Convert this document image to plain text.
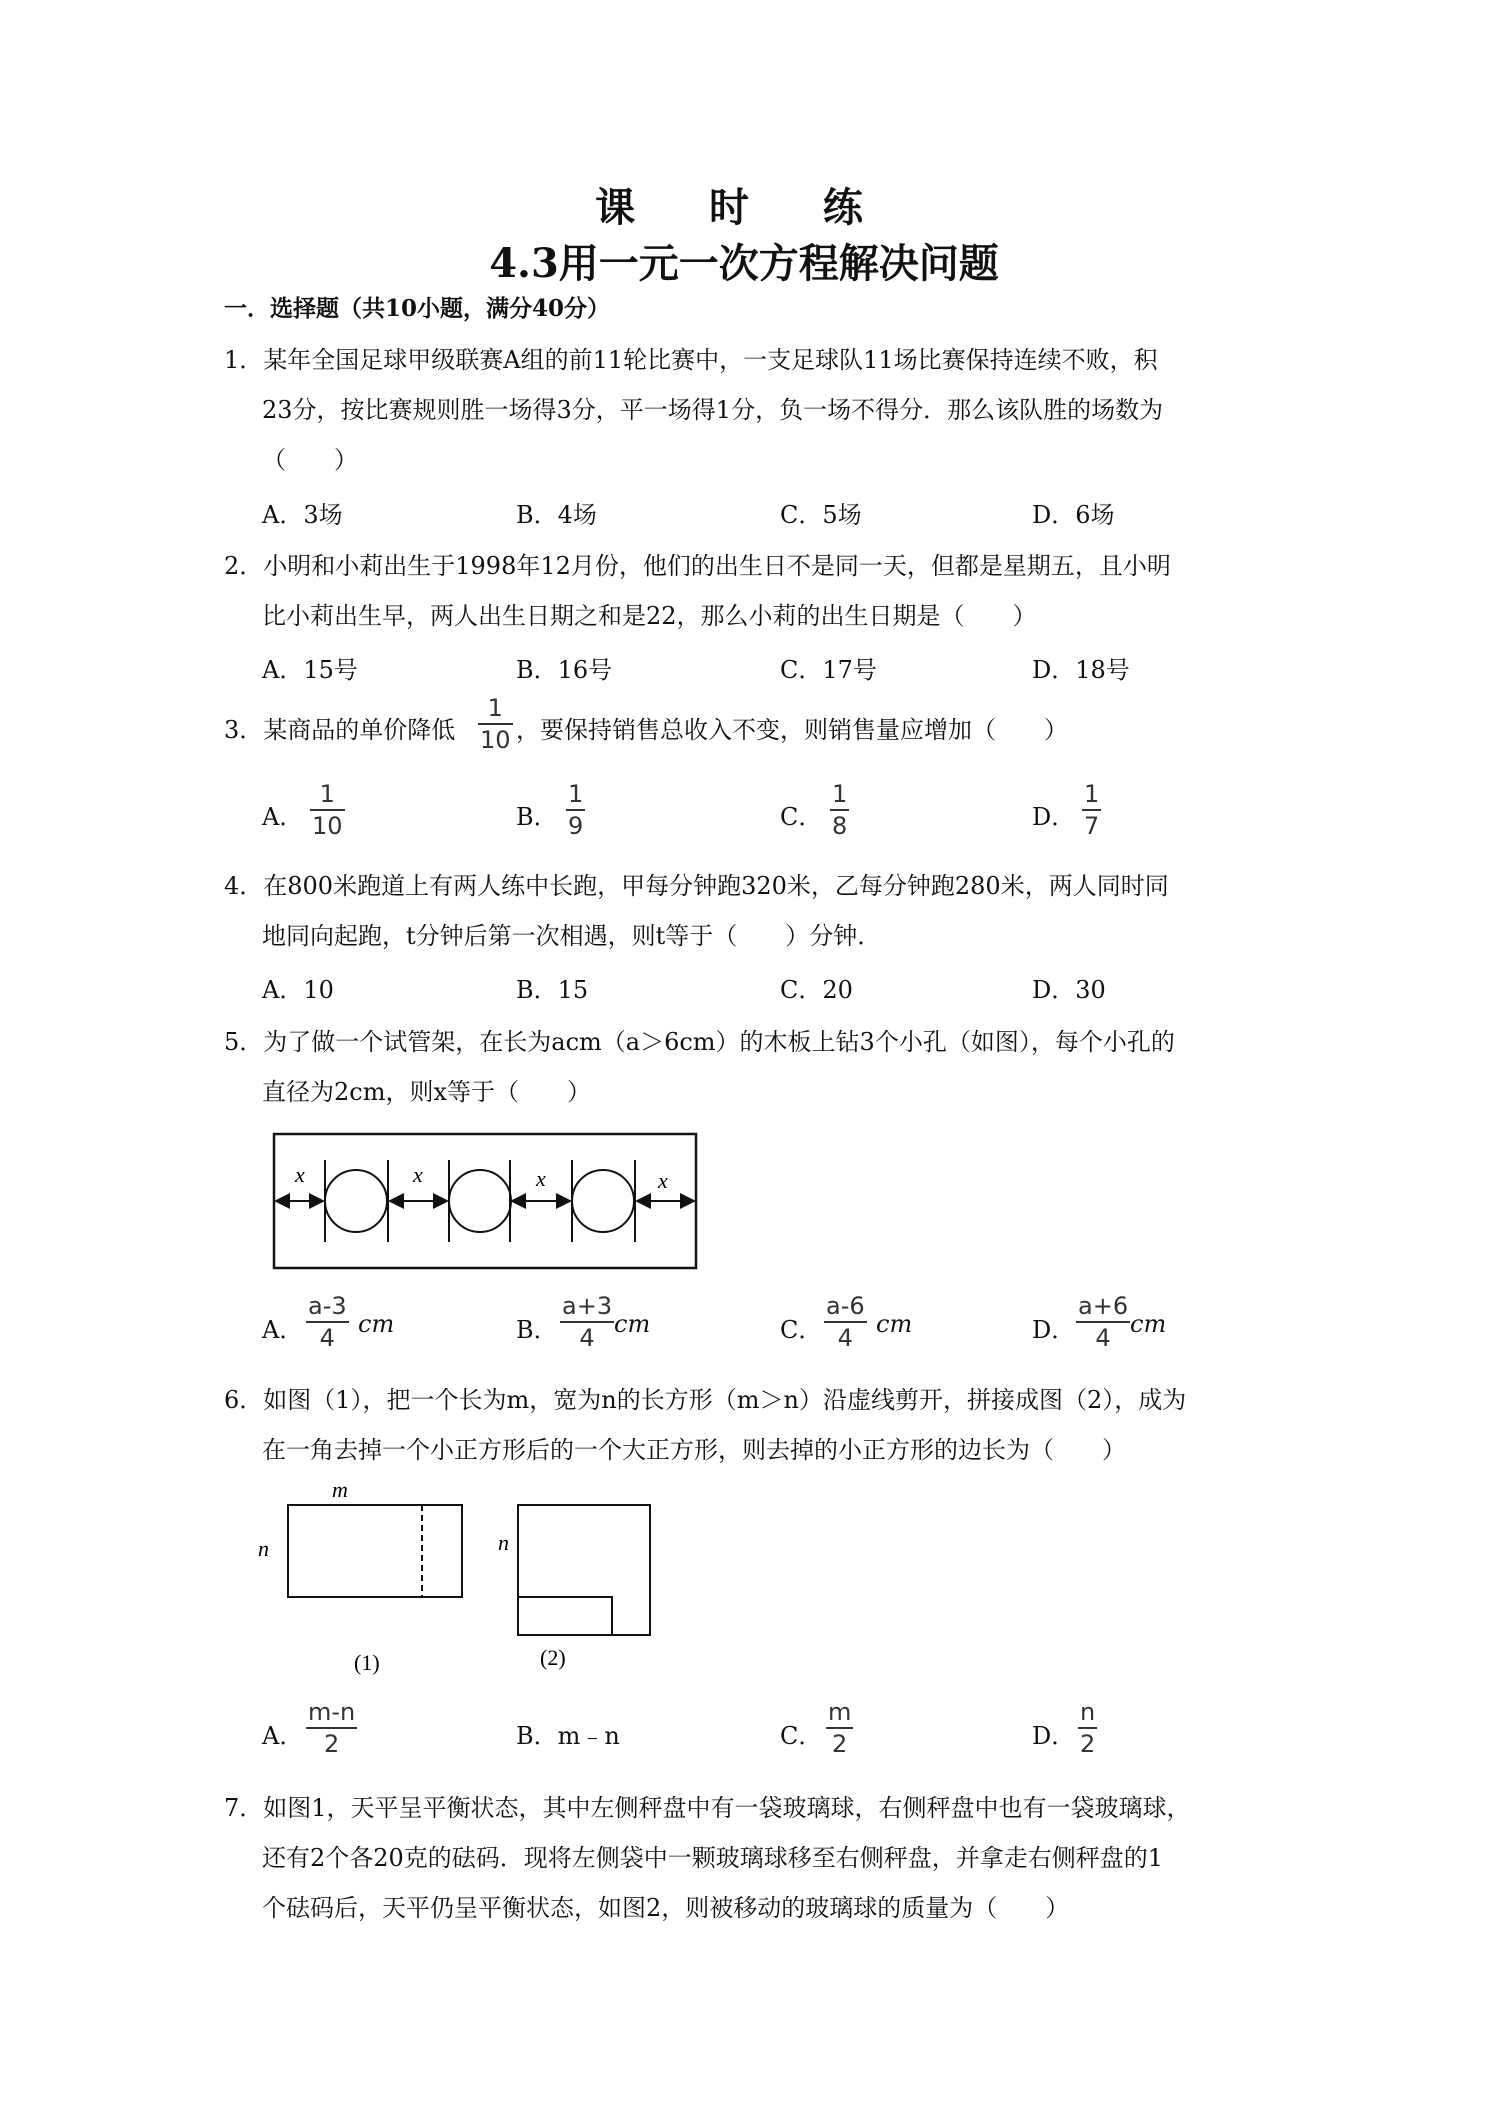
课 时 练
4.3用一元一次方程解决问题
一．选择题（共10小题，满分40分）
1．某年全国足球甲级联赛A组的前11轮比赛中，一支足球队11场比赛保持连续不败，积
23分，按比赛规则胜一场得3分，平一场得1分，负一场不得分．那么该队胜的场数为
（　　）
A．3场	B．4场	C．5场	D．6场
2．小明和小莉出生于1998年12月份，他们的出生日不是同一天，但都是星期五，且小明
比小莉出生早，两人出生日期之和是22，那么小莉的出生日期是（　　）
A．15号	B．16号	C．17号	D．18号
3．某商品的单价降低
1
10 ，要保持销售总收入不变，则销售量应增加（　　）
A．
1
10	B．
1
9	C．
1
8	D．
1
7
4．在800米跑道上有两人练中长跑，甲每分钟跑320米，乙每分钟跑280米，两人同时同
地同向起跑，t分钟后第一次相遇，则t等于（　　）分钟．
A．10	B．15	C．20	D．30
5．为了做一个试管架，在长为acm（a＞6cm）的木板上钻3个小孔（如图），每个小孔的
直径为2cm，则x等于（　　）
x	x	x	x
A．
a-3
4 cm	B．
a+3
4 cm	C．
a-6
4 cm	D．
a+6
4 cm
6．如图（1），把一个长为m，宽为n的长方形（m＞n）沿虚线剪开，拼接成图（2），成为
在一角去掉一个小正方形后的一个大正方形，则去掉的小正方形的边长为（　　）
m
n
(1)
n
(2)
A．
m-n
2	B．m﹣n	C．
m
2	D．
n
2
7．如图1，天平呈平衡状态，其中左侧秤盘中有一袋玻璃球，右侧秤盘中也有一袋玻璃球，
还有2个各20克的砝码．现将左侧袋中一颗玻璃球移至右侧秤盘，并拿走右侧秤盘的1
个砝码后，天平仍呈平衡状态，如图2，则被移动的玻璃球的质量为（　　）
